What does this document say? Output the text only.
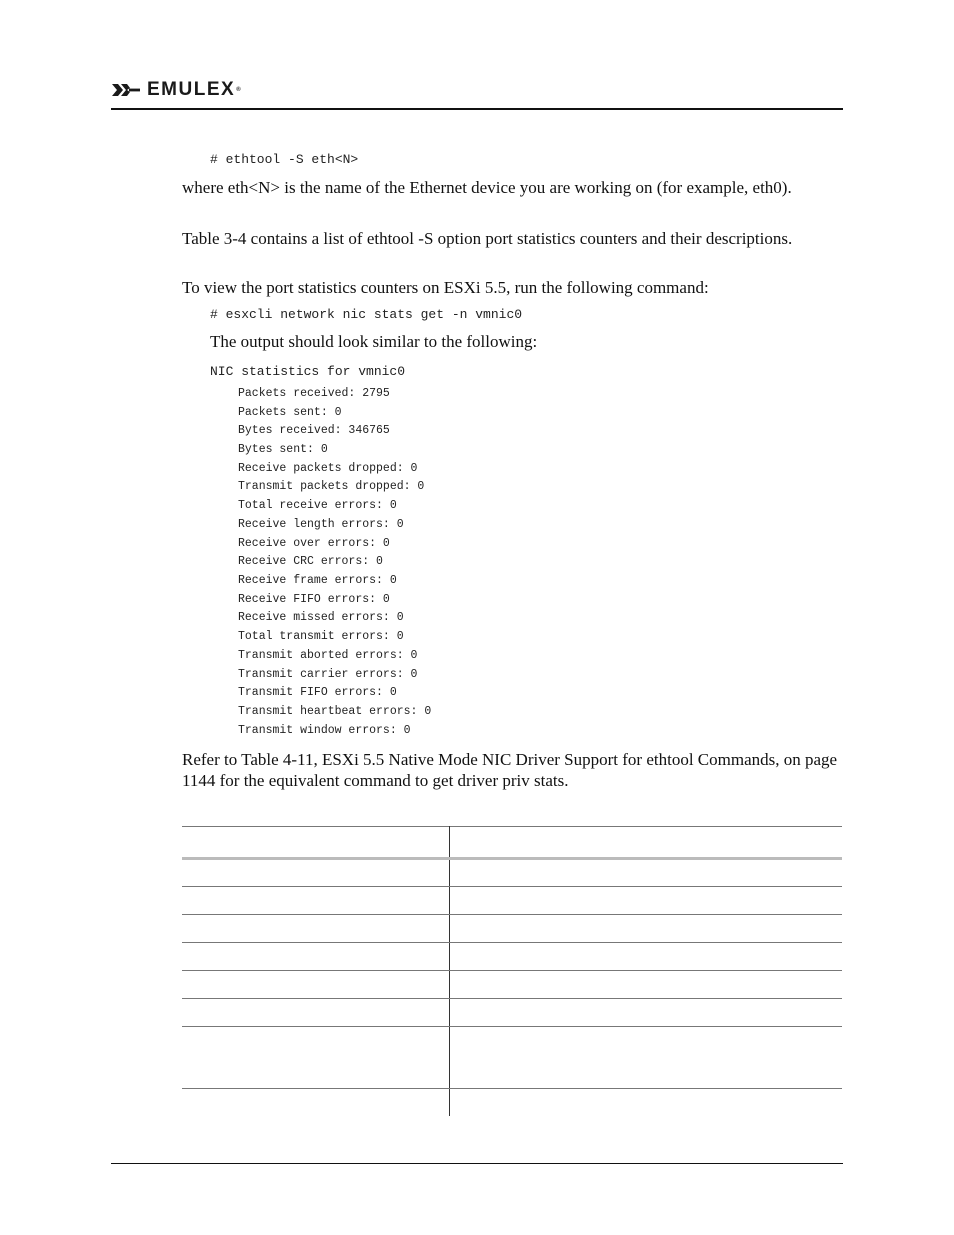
EMULEX®
# ethtool -S eth<N>
where eth<N> is the name of the Ethernet device you are working on (for example, eth0).
Table 3-4 contains a list of ethtool -S option port statistics counters and their descriptions.
To view the port statistics counters on ESXi 5.5, run the following command:
# esxcli network nic stats get -n vmnic0
The output should look similar to the following:
NIC statistics for vmnic0
Packets received: 2795
Packets sent: 0
Bytes received: 346765
Bytes sent: 0
Receive packets dropped: 0
Transmit packets dropped: 0
Total receive errors: 0
Receive length errors: 0
Receive over errors: 0
Receive CRC errors: 0
Receive frame errors: 0
Receive FIFO errors: 0
Receive missed errors: 0
Total transmit errors: 0
Transmit aborted errors: 0
Transmit carrier errors: 0
Transmit FIFO errors: 0
Transmit heartbeat errors: 0
Transmit window errors: 0
Refer to Table 4-11, ESXi 5.5 Native Mode NIC Driver Support for ethtool Commands, on page 1144 for the equivalent command to get driver priv stats.
